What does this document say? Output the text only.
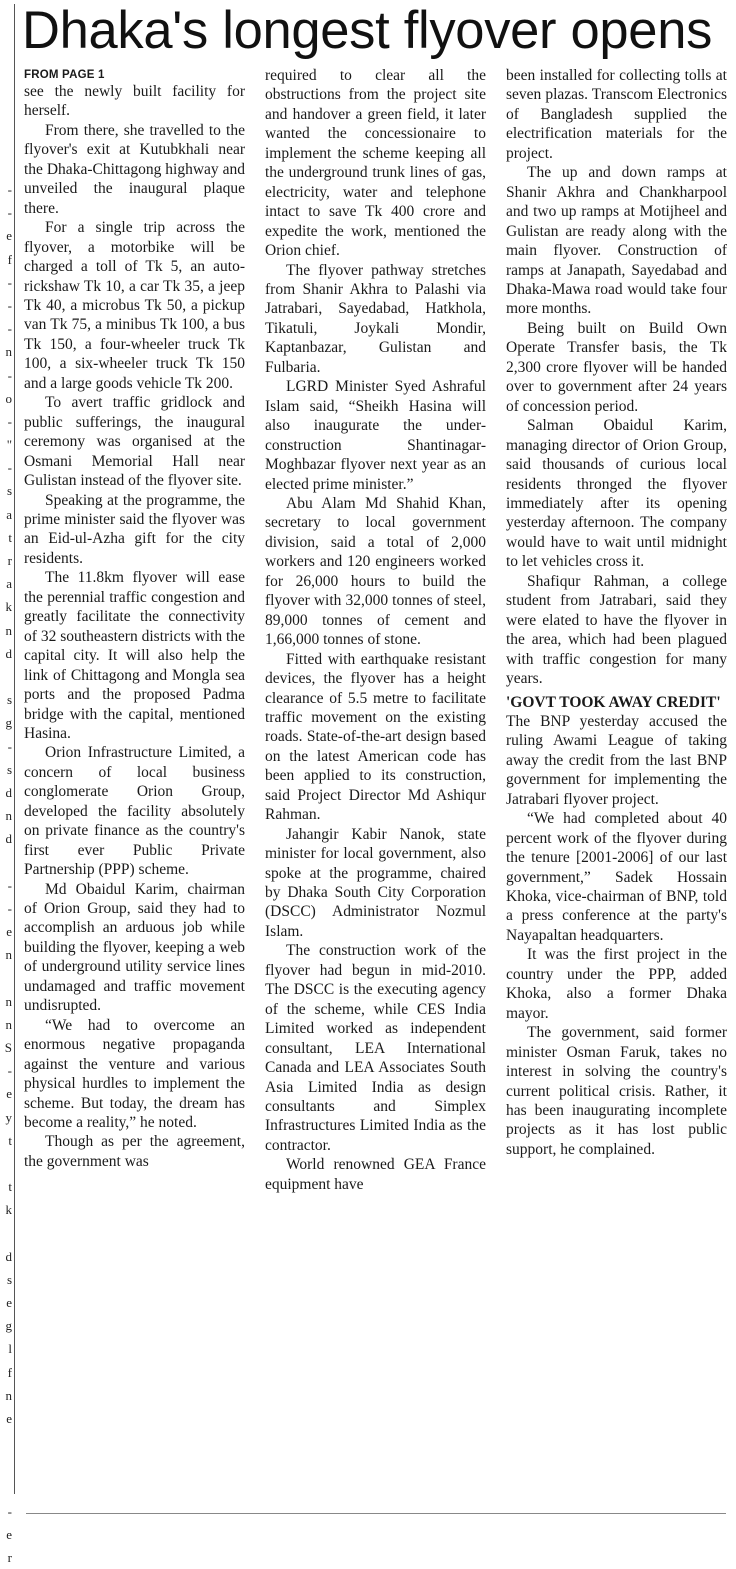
-
-
e
f
-
-
-
n
-
o
-
"
-
s
a
t
r
a
k
n
d
s
g
-
s
d
n
d
-
-
e
n
n
n
S
-
e
y
t
t
k
d
s
e
g
l
f
n
e
-
e
r
Dhaka's longest flyover opens
FROM PAGE 1

see the newly built facility for herself.

From there, she travelled to the flyover's exit at Kutubkhali near the Dhaka-Chittagong highway and unveiled the inaugural plaque there.

For a single trip across the flyover, a motorbike will be charged a toll of Tk 5, an auto-rickshaw Tk 10, a car Tk 35, a jeep Tk 40, a microbus Tk 50, a pickup van Tk 75, a minibus Tk 100, a bus Tk 150, a four-wheeler truck Tk 100, a six-wheeler truck Tk 150 and a large goods vehicle Tk 200.

To avert traffic gridlock and public sufferings, the inaugural ceremony was organised at the Osmani Memorial Hall near Gulistan instead of the flyover site.

Speaking at the programme, the prime minister said the flyover was an Eid-ul-Azha gift for the city residents.

The 11.8km flyover will ease the perennial traffic congestion and greatly facilitate the connectivity of 32 southeastern districts with the capital city. It will also help the link of Chittagong and Mongla sea ports and the proposed Padma bridge with the capital, mentioned Hasina.

Orion Infrastructure Limited, a concern of local business conglomerate Orion Group, developed the facility absolutely on private finance as the country's first ever Public Private Partnership (PPP) scheme.

Md Obaidul Karim, chairman of Orion Group, said they had to accomplish an arduous job while building the flyover, keeping a web of underground utility service lines undamaged and traffic movement undisrupted.

“We had to overcome an enormous negative propaganda against the venture and various physical hurdles to implement the scheme. But today, the dream has become a reality,” he noted.

Though as per the agreement, the government was

required to clear all the obstructions from the project site and handover a green field, it later wanted the concessionaire to implement the scheme keeping all the underground trunk lines of gas, electricity, water and telephone intact to save Tk 400 crore and expedite the work, mentioned the Orion chief.

The flyover pathway stretches from Shanir Akhra to Palashi via Jatrabari, Sayedabad, Hatkhola, Tikatuli, Joykali Mondir, Kaptanbazar, Gulistan and Fulbaria.

LGRD Minister Syed Ashraful Islam said, “Sheikh Hasina will also inaugurate the under-construction Shantinagar-Moghbazar flyover next year as an elected prime minister.”

Abu Alam Md Shahid Khan, secretary to local government division, said a total of 2,000 workers and 120 engineers worked for 26,000 hours to build the flyover with 32,000 tonnes of steel, 89,000 tonnes of cement and 1,66,000 tonnes of stone.

Fitted with earthquake resistant devices, the flyover has a height clearance of 5.5 metre to facilitate traffic movement on the existing roads. State-of-the-art design based on the latest American code has been applied to its construction, said Project Director Md Ashiqur Rahman.

Jahangir Kabir Nanok, state minister for local government, also spoke at the programme, chaired by Dhaka South City Corporation (DSCC) Administrator Nozmul Islam.

The construction work of the flyover had begun in mid-2010. The DSCC is the executing agency of the scheme, while CES India Limited worked as independent consultant, LEA International Canada and LEA Associates South Asia Limited India as design consultants and Simplex Infrastructures Limited India as the contractor.

World renowned GEA France equipment have

been installed for collecting tolls at seven plazas. Transcom Electronics of Bangladesh supplied the electrification materials for the project.

The up and down ramps at Shanir Akhra and Chankharpool and two up ramps at Motijheel and Gulistan are ready along with the main flyover. Construction of ramps at Janapath, Sayedabad and Dhaka-Mawa road would take four more months.

Being built on Build Own Operate Transfer basis, the Tk 2,300 crore flyover will be handed over to government after 24 years of concession period.

Salman Obaidul Karim, managing director of Orion Group, said thousands of curious local residents thronged the flyover immediately after its opening yesterday afternoon. The company would have to wait until midnight to let vehicles cross it.

Shafiqur Rahman, a college student from Jatrabari, said they were elated to have the flyover in the area, which had been plagued with traffic congestion for many years.

'GOVT TOOK AWAY CREDIT'

The BNP yesterday accused the ruling Awami League of taking away the credit from the last BNP government for implementing the Jatrabari flyover project.

“We had completed about 40 percent work of the flyover during the tenure [2001-2006] of our last government,” Sadek Hossain Khoka, vice-chairman of BNP, told a press conference at the party's Nayapaltan headquarters.

It was the first project in the country under the PPP, added Khoka, also a former Dhaka mayor.

The government, said former minister Osman Faruk, takes no interest in solving the country's current political crisis. Rather, it has been inaugurating incomplete projects as it has lost public support, he complained.
